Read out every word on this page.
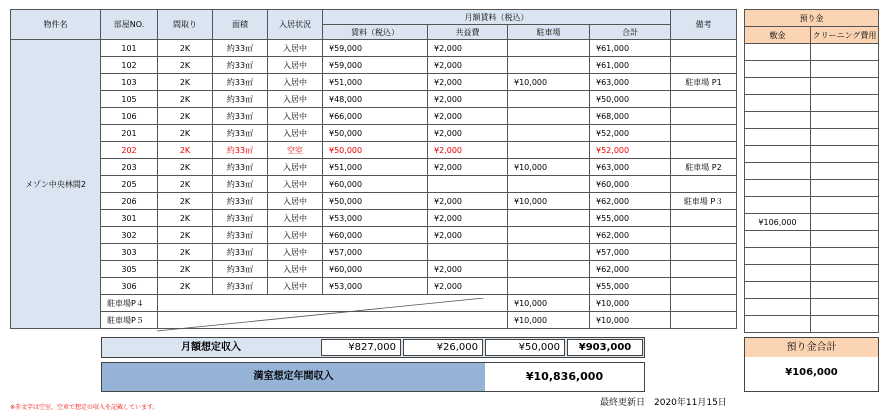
物件名	部屋NO.	間取り	面積	入居状況	月額賃料（税込）				備考
					賃料（税込）	共益費	駐車場	合計	
メゾン中央林間2	101	2K	約33㎡	入居中	¥59,000	¥2,000		¥61,000	
	102	2K	約33㎡	入居中	¥59,000	¥2,000		¥61,000	
	103	2K	約33㎡	入居中	¥51,000	¥2,000	¥10,000	¥63,000	駐車場 P1
	105	2K	約33㎡	入居中	¥48,000	¥2,000		¥50,000	
	106	2K	約33㎡	入居中	¥66,000	¥2,000		¥68,000	
	201	2K	約33㎡	入居中	¥50,000	¥2,000		¥52,000	
	202	2K	約33㎡	空室	¥50,000	¥2,000		¥52,000	
	203	2K	約33㎡	入居中	¥51,000	¥2,000	¥10,000	¥63,000	駐車場 P2
	205	2K	約33㎡	入居中	¥60,000			¥60,000	
	206	2K	約33㎡	入居中	¥50,000	¥2,000	¥10,000	¥62,000	駐車場 P３
	301	2K	約33㎡	入居中	¥53,000	¥2,000		¥55,000	
	302	2K	約33㎡	入居中	¥60,000	¥2,000		¥62,000	
	303	2K	約33㎡	入居中	¥57,000			¥57,000	
	305	2K	約33㎡	入居中	¥60,000	¥2,000		¥62,000	
	306	2K	約33㎡	入居中	¥53,000	¥2,000		¥55,000	
	駐車場P４						¥10,000	¥10,000	
	駐車場P５						¥10,000	¥10,000	
預り金	
敷金	クリーニング費用

¥106,000	

月額想定収入	¥827,000	¥26,000	¥50,000	¥903,000
満室想定年間収入	¥10,836,000
預り金合計
¥106,000
※赤文字は空室、空車で想定の収入を記載しています。	最終更新日　2020年11月15日
